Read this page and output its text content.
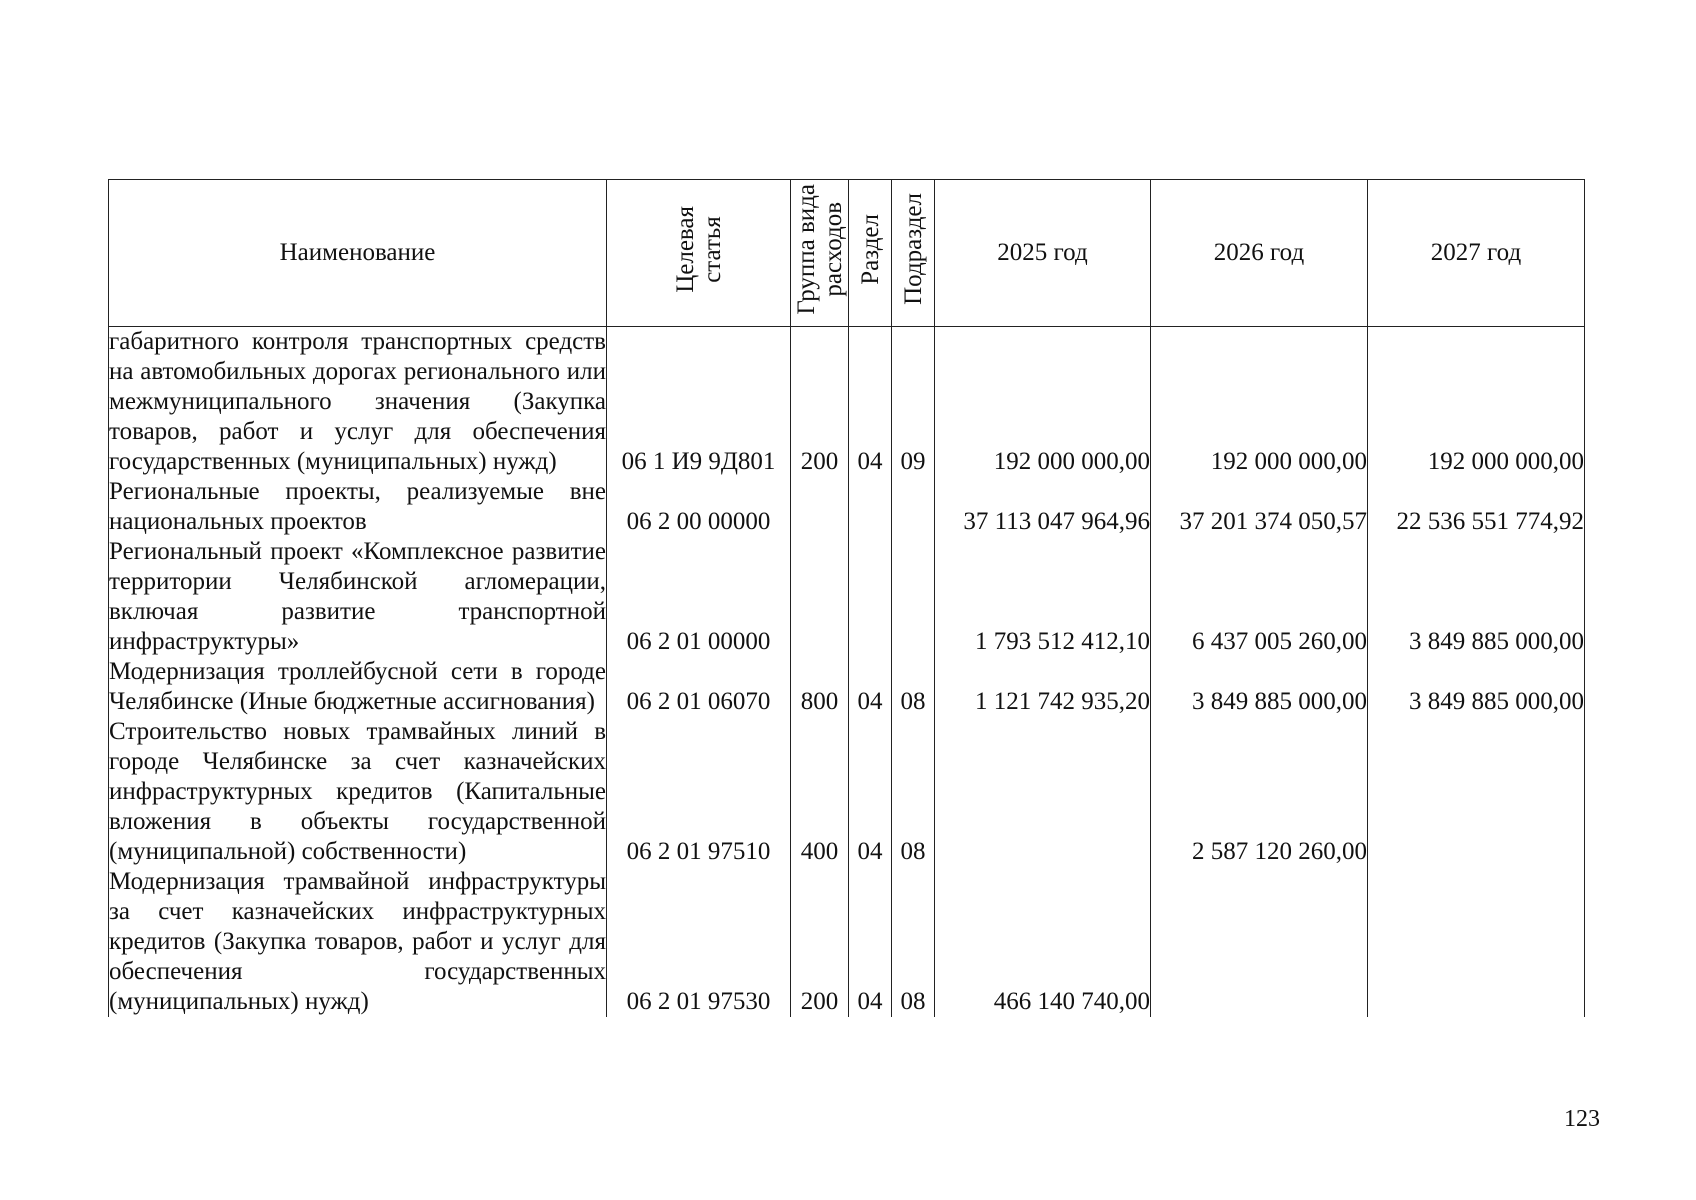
Наименование	Целевая статья	Группа вида расходов	Раздел	Подраздел	2025 год	2026 год	2027 год
габаритного контроля транспортных средств на автомобильных дорогах регионального или межмуниципального значения (Закупка товаров, работ и услуг для обеспечения государственных (муниципальных) нужд)	06 1 И9 9Д801	200	04	09	192 000 000,00	192 000 000,00	192 000 000,00
Региональные проекты, реализуемые вне национальных проектов	06 2 00 00000				37 113 047 964,96	37 201 374 050,57	22 536 551 774,92
Региональный проект «Комплексное развитие территории Челябинской агломерации, включая развитие транспортной инфраструктуры»	06 2 01 00000				1 793 512 412,10	6 437 005 260,00	3 849 885 000,00
Модернизация троллейбусной сети в городе Челябинске (Иные бюджетные ассигнования)	06 2 01 06070	800	04	08	1 121 742 935,20	3 849 885 000,00	3 849 885 000,00
Строительство новых трамвайных линий в городе Челябинске за счет казначейских инфраструктурных кредитов (Капитальные вложения в объекты государственной (муниципальной) собственности)	06 2 01 97510	400	04	08		2 587 120 260,00	
Модернизация трамвайной инфраструктуры за счет казначейских инфраструктурных кредитов (Закупка товаров, работ и услуг для обеспечения государственных (муниципальных) нужд)	06 2 01 97530	200	04	08	466 140 740,00		
123
